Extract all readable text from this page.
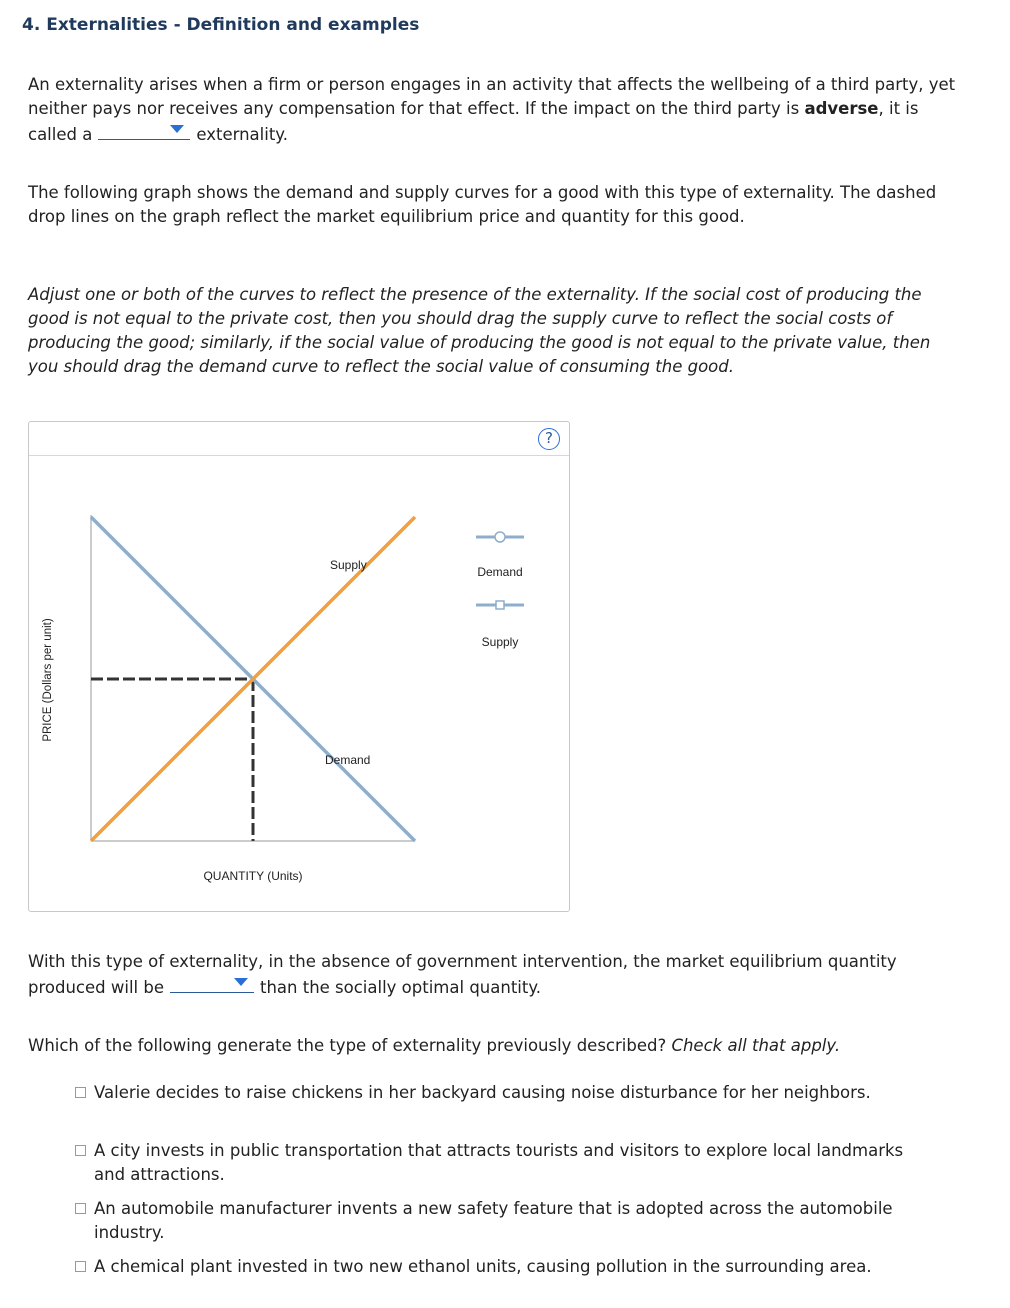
4. Externalities - Definition and examples

An externality arises when a firm or person engages in an activity that affects the wellbeing of a third party, yet neither pays nor receives any compensation for that effect. If the impact on the third party is adverse, it is called a	externality.

The following graph shows the demand and supply curves for a good with this type of externality. The dashed drop lines on the graph reflect the market equilibrium price and quantity for this good.

Adjust one or both of the curves to reflect the presence of the externality. If the social cost of producing the good is not equal to the private cost, then you should drag the supply curve to reflect the social costs of producing the good; similarly, if the social value of producing the good is not equal to the private value, then you should drag the demand curve to reflect the social value of consuming the good.

?
Supply
Demand
QUANTITY (Units)
PRICE (Dollars per unit)
Demand
Supply

With this type of externality, in the absence of government intervention, the market equilibrium quantity produced will be	than the socially optimal quantity.

Which of the following generate the type of externality previously described? Check all that apply.

Valerie decides to raise chickens in her backyard causing noise disturbance for her neighbors.
A city invests in public transportation that attracts tourists and visitors to explore local landmarks and attractions.
An automobile manufacturer invents a new safety feature that is adopted across the automobile industry.
A chemical plant invested in two new ethanol units, causing pollution in the surrounding area.
